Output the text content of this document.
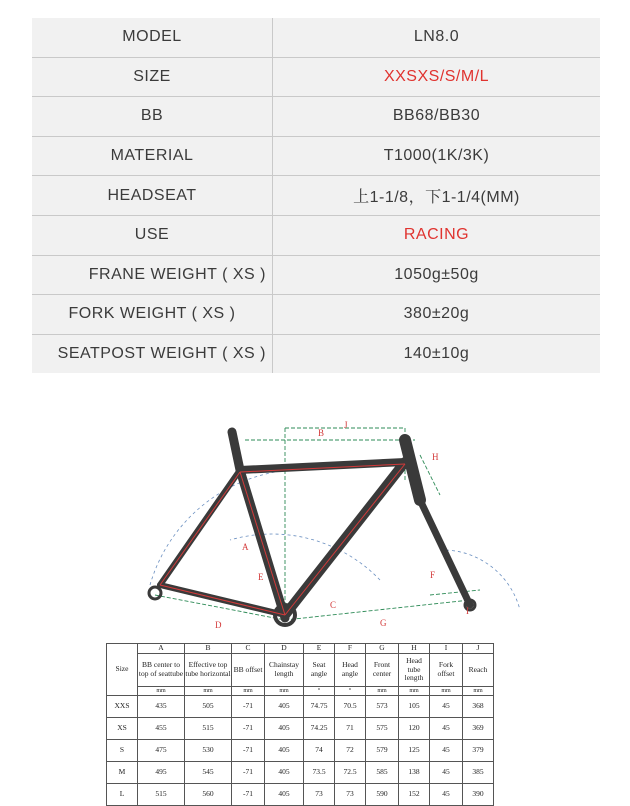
MODEL	LN8.0
SIZE	XXSXS/S/M/L
BB	BB68/BB30
MATERIAL	T1000(1K/3K)
HEADSEAT	上1-1/8，下1-1/4(MM)
USE	RACING
FRANE WEIGHT ( XS )	1050g±50g
FORK WEIGHT ( XS )	380±20g
SEATPOST WEIGHT ( XS )	140±10g
A
B
C
D
E	F
G
H
I
J
Size	A	B	C	D	E	F	G	H	I	J
	BB center to top of seattube	Effective top tube horizontal	BB offset	Chainstay length	Seat angle	Head angle	Front center	Head tube length	Fork offset	Reach
	mm	mm	mm	mm	°	°	mm	mm	mm	mm
XXS	435	505	-71	405	74.75	70.5	573	105	45	368
XS	455	515	-71	405	74.25	71	575	120	45	369
S	475	530	-71	405	74	72	579	125	45	379
M	495	545	-71	405	73.5	72.5	585	138	45	385
L	515	560	-71	405	73	73	590	152	45	390
